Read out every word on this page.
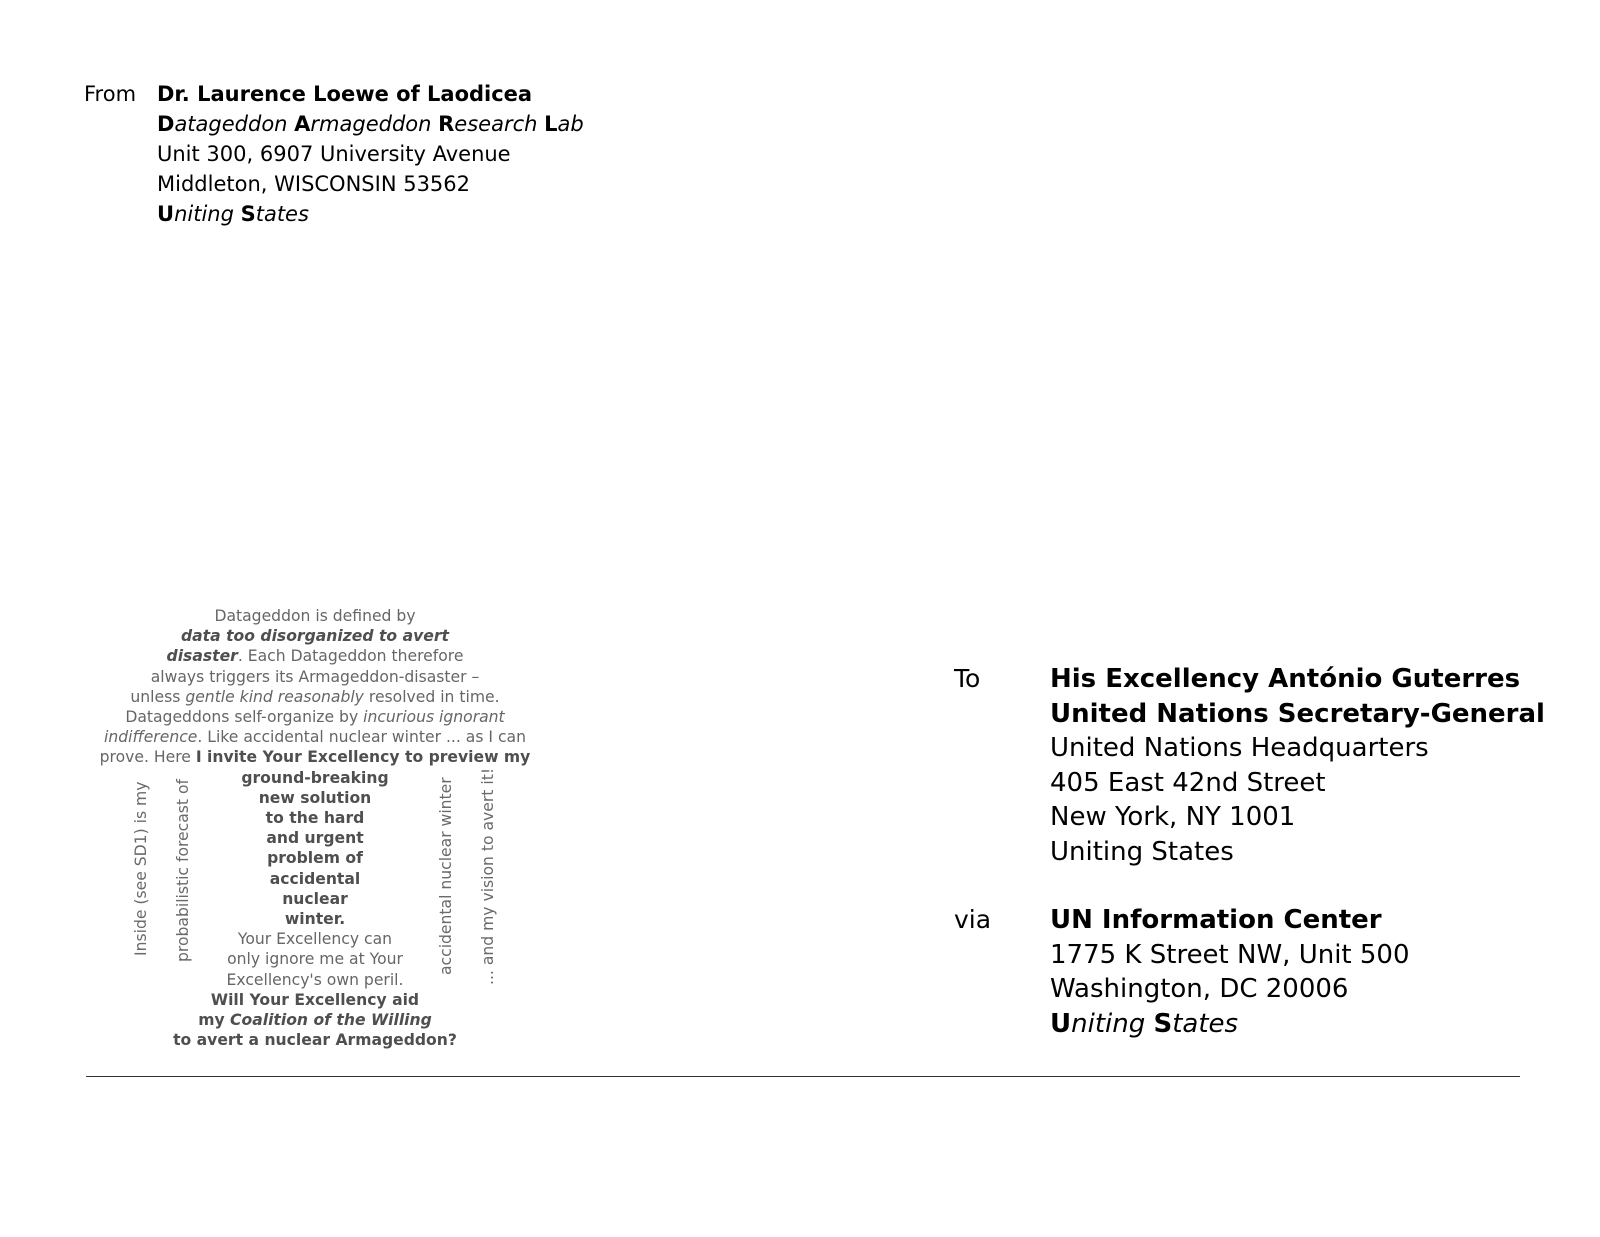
From Dr. Laurence Loewe of Laodicea
Datageddon Armageddon Research Lab
Unit 300, 6907 University Avenue
Middleton, WISCONSIN 53562
Uniting States
Datageddon is defined by
data too disorganized to avert
disaster. Each Datageddon therefore
always triggers its Armageddon-disaster –
unless gentle kind reasonably resolved in time.
Datageddons self-organize by incurious ignorant
indifference. Like accidental nuclear winter ... as I can
prove. Here I invite Your Excellency to preview my
ground-breaking
new solution
to the hard
and urgent
problem of
accidental
nuclear
winter.
Your Excellency can
only ignore me at Your
Excellency's own peril.
Will Your Excellency aid
my Coalition of the Willing
to avert a nuclear Armageddon?
Inside (see SD1) is my probabilistic forecast of	accidental nuclear winter ... and my vision to avert it!
To	His Excellency António Guterres
United Nations Secretary-General
United Nations Headquarters
405 East 42nd Street
New York, NY 1001
Uniting States
via UN Information Center
1775 K Street NW, Unit 500
Washington, DC 20006
Uniting States
